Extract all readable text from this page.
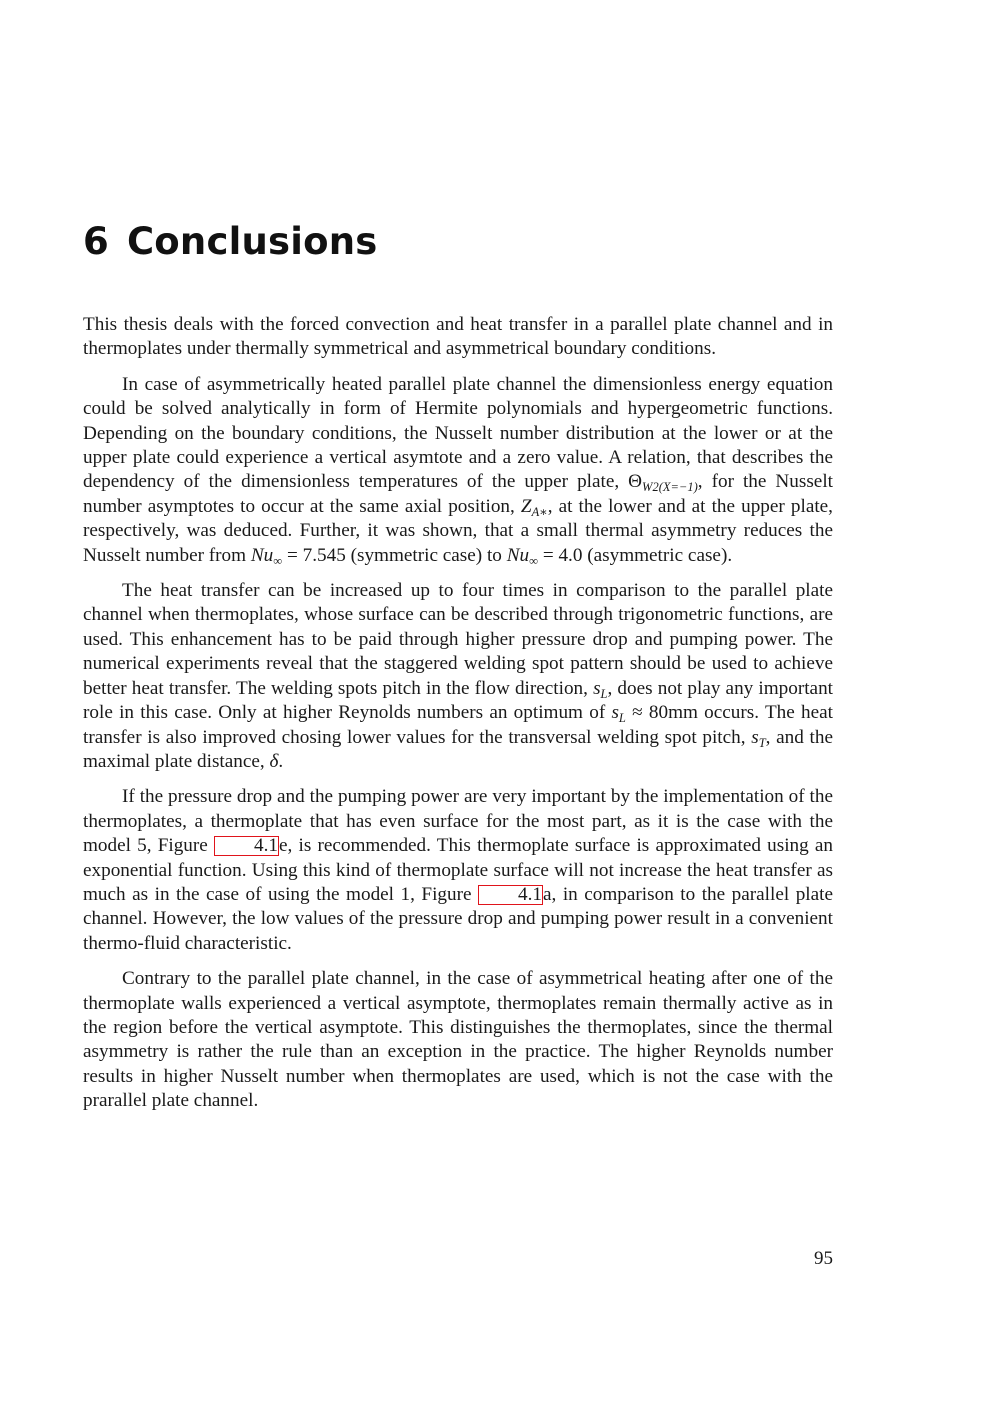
6 Conclusions

This thesis deals with the forced convection and heat transfer in a parallel plate channel and in thermoplates under thermally symmetrical and asymmetrical boundary conditions.

In case of asymmetrically heated parallel plate channel the dimensionless energy equation could be solved analytically in form of Hermite polynomials and hypergeometric functions. Depending on the boundary conditions, the Nusselt number distribution at the lower or at the upper plate could experience a vertical asymtote and a zero value. A relation, that describes the dependency of the dimensionless temperatures of the upper plate, $\Theta_{W2(X=-1)}$, for the Nusselt number asymptotes to occur at the same axial position, $Z_{A∗}$, at the lower and at the upper plate, respectively, was deduced. Further, it was shown, that a small thermal asymmetry reduces the Nusselt number from $Nu_\infty = 7.545$ (symmetric case) to $Nu_\infty = 4.0$ (asymmetric case).

The heat transfer can be increased up to four times in comparison to the parallel plate channel when thermoplates, whose surface can be described through trigonometric functions, are used. This enhancement has to be paid through higher pressure drop and pumping power. The numerical experiments reveal that the staggered welding spot pattern should be used to achieve better heat transfer. The welding spots pitch in the flow direction, $s_L$, does not play any important role in this case. Only at higher Reynolds numbers an optimum of $s_L \approx 80mm$ occurs. The heat transfer is also improved chosing lower values for the transversal welding spot pitch, $s_T$, and the maximal plate distance, δ.

If the pressure drop and the pumping power are very important by the implementation of the thermoplates, a thermoplate that has even surface for the most part, as it is the case with the model 5, Figure 4.1e, is recommended. This thermoplate surface is approximated using an exponential function. Using this kind of thermoplate surface will not increase the heat transfer as much as in the case of using the model 1, Figure 4.1a, in comparison to the parallel plate channel. However, the low values of the pressure drop and pumping power result in a convenient thermo-fluid characteristic.

Contrary to the parallel plate channel, in the case of asymmetrical heating after one of the thermoplate walls experienced a vertical asymptote, thermoplates remain thermally active as in the region before the vertical asymptote. This distinguishes the thermoplates, since the thermal asymmetry is rather the rule than an exception in the practice. The higher Reynolds number results in higher Nusselt number when thermoplates are used, which is not the case with the prarallel plate channel.

95
